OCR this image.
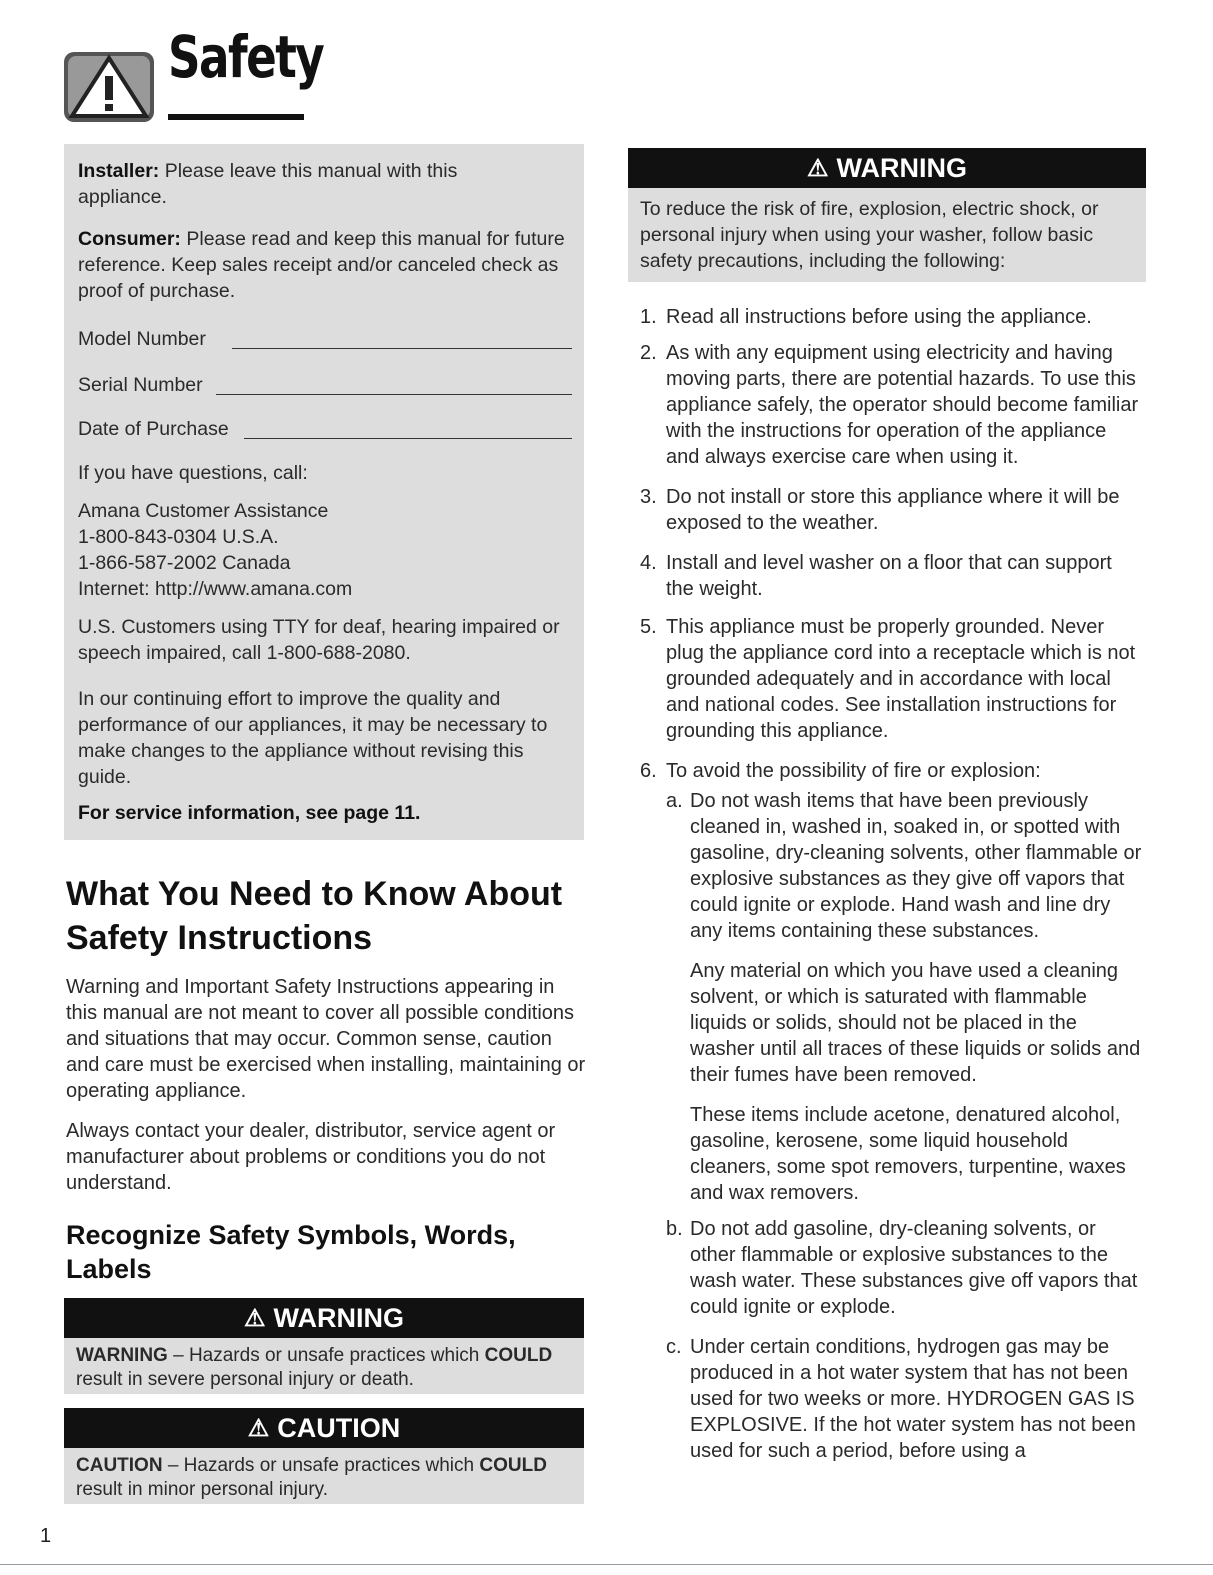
Safety

Installer: Please leave this manual with this appliance.

Consumer: Please read and keep this manual for future reference. Keep sales receipt and/or canceled check as proof of purchase.

Model Number

Serial Number

Date of Purchase

If you have questions, call:

Amana Customer Assistance

1-800-843-0304 U.S.A.

1-866-587-2002 Canada

Internet: http://www.amana.com

U.S. Customers using TTY for deaf, hearing impaired or speech impaired, call 1-800-688-2080.

In our continuing effort to improve the quality and performance of our appliances, it may be necessary to make changes to the appliance without revising this guide.

For service information, see page 11.

What You Need to Know About Safety Instructions

Warning and Important Safety Instructions appearing in this manual are not meant to cover all possible conditions and situations that may occur. Common sense, caution and care must be exercised when installing, maintaining or operating appliance.

Always contact your dealer, distributor, service agent or manufacturer about problems or conditions you do not understand.

Recognize Safety Symbols, Words, Labels
⚠ WARNING

WARNING – Hazards or unsafe practices which COULD result in severe personal injury or death.

⚠ CAUTION

CAUTION – Hazards or unsafe practices which COULD result in minor personal injury.

⚠ WARNING

To reduce the risk of fire, explosion, electric shock, or personal injury when using your washer, follow basic safety precautions, including the following:

1. Read all instructions before using the appliance.

2. As with any equipment using electricity and having moving parts, there are potential hazards. To use this appliance safely, the operator should become familiar with the instructions for operation of the appliance and always exercise care when using it.

3. Do not install or store this appliance where it will be exposed to the weather.

4. Install and level washer on a floor that can support the weight.

5. This appliance must be properly grounded. Never plug the appliance cord into a receptacle which is not grounded adequately and in accordance with local and national codes. See installation instructions for grounding this appliance.

6. To avoid the possibility of fire or explosion:

a. Do not wash items that have been previously cleaned in, washed in, soaked in, or spotted with gasoline, dry-cleaning solvents, other flammable or explosive substances as they give off vapors that could ignite or explode. Hand wash and line dry any items containing these substances.

Any material on which you have used a cleaning solvent, or which is saturated with flammable liquids or solids, should not be placed in the washer until all traces of these liquids or solids and their fumes have been removed.

These items include acetone, denatured alcohol, gasoline, kerosene, some liquid household cleaners, some spot removers, turpentine, waxes and wax removers.

b. Do not add gasoline, dry-cleaning solvents, or other flammable or explosive substances to the wash water. These substances give off vapors that could ignite or explode.

c. Under certain conditions, hydrogen gas may be produced in a hot water system that has not been used for two weeks or more. HYDROGEN GAS IS EXPLOSIVE. If the hot water system has not been used for such a period, before using a

1
